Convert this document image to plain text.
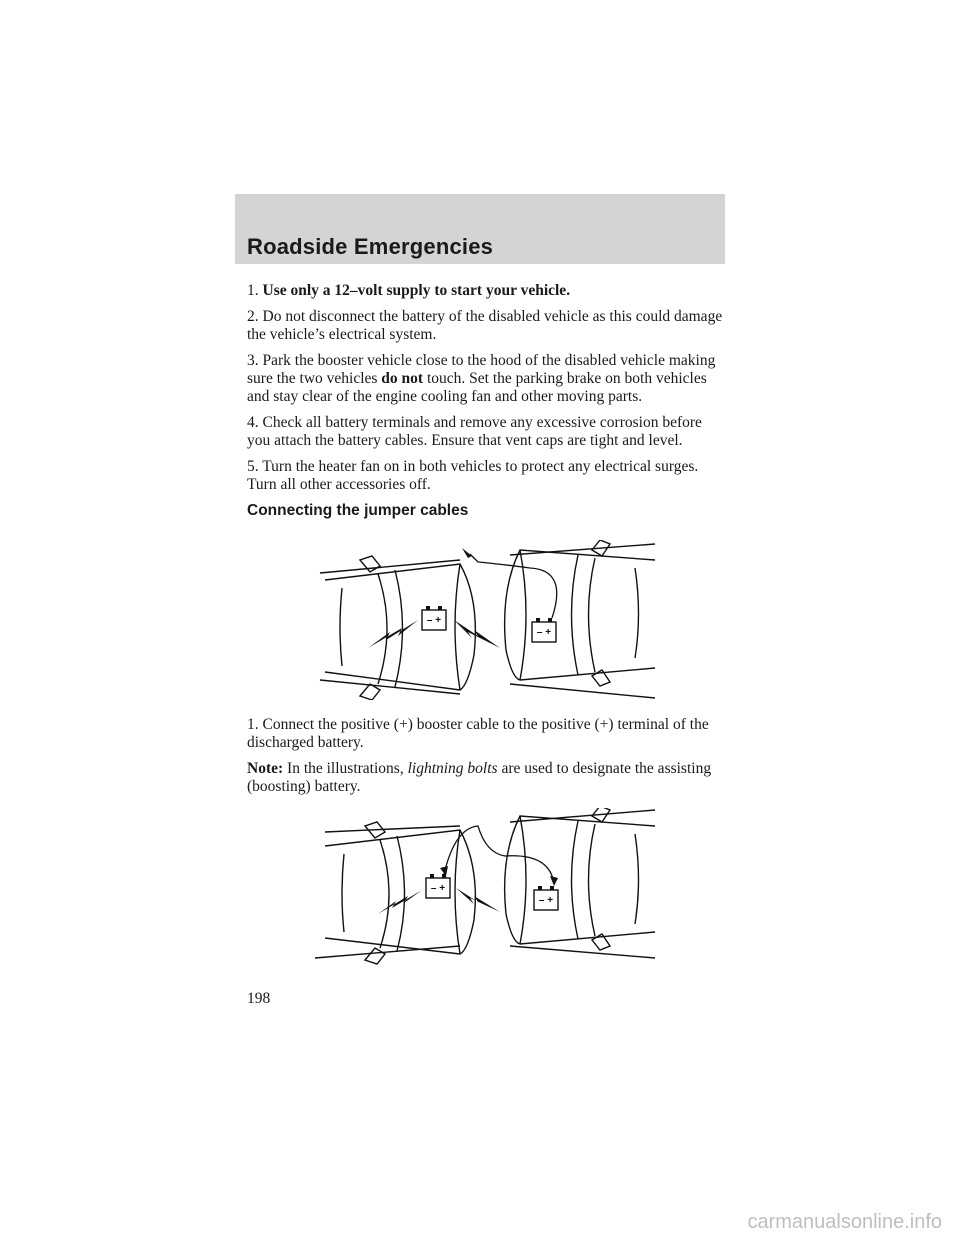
Roadside Emergencies

1. Use only a 12–volt supply to start your vehicle.

2. Do not disconnect the battery of the disabled vehicle as this could damage the vehicle’s electrical system.

3. Park the booster vehicle close to the hood of the disabled vehicle making sure the two vehicles do not touch. Set the parking brake on both vehicles and stay clear of the engine cooling fan and other moving parts.

4. Check all battery terminals and remove any excessive corrosion before you attach the battery cables. Ensure that vent caps are tight and level.

5. Turn the heater fan on in both vehicles to protect any electrical surges. Turn all other accessories off.

Connecting the jumper cables

– +
– +

1. Connect the positive (+) booster cable to the positive (+) terminal of the discharged battery.

Note: In the illustrations, lightning bolts are used to designate the assisting (boosting) battery.

– +
– +
198
carmanualsonline.info
